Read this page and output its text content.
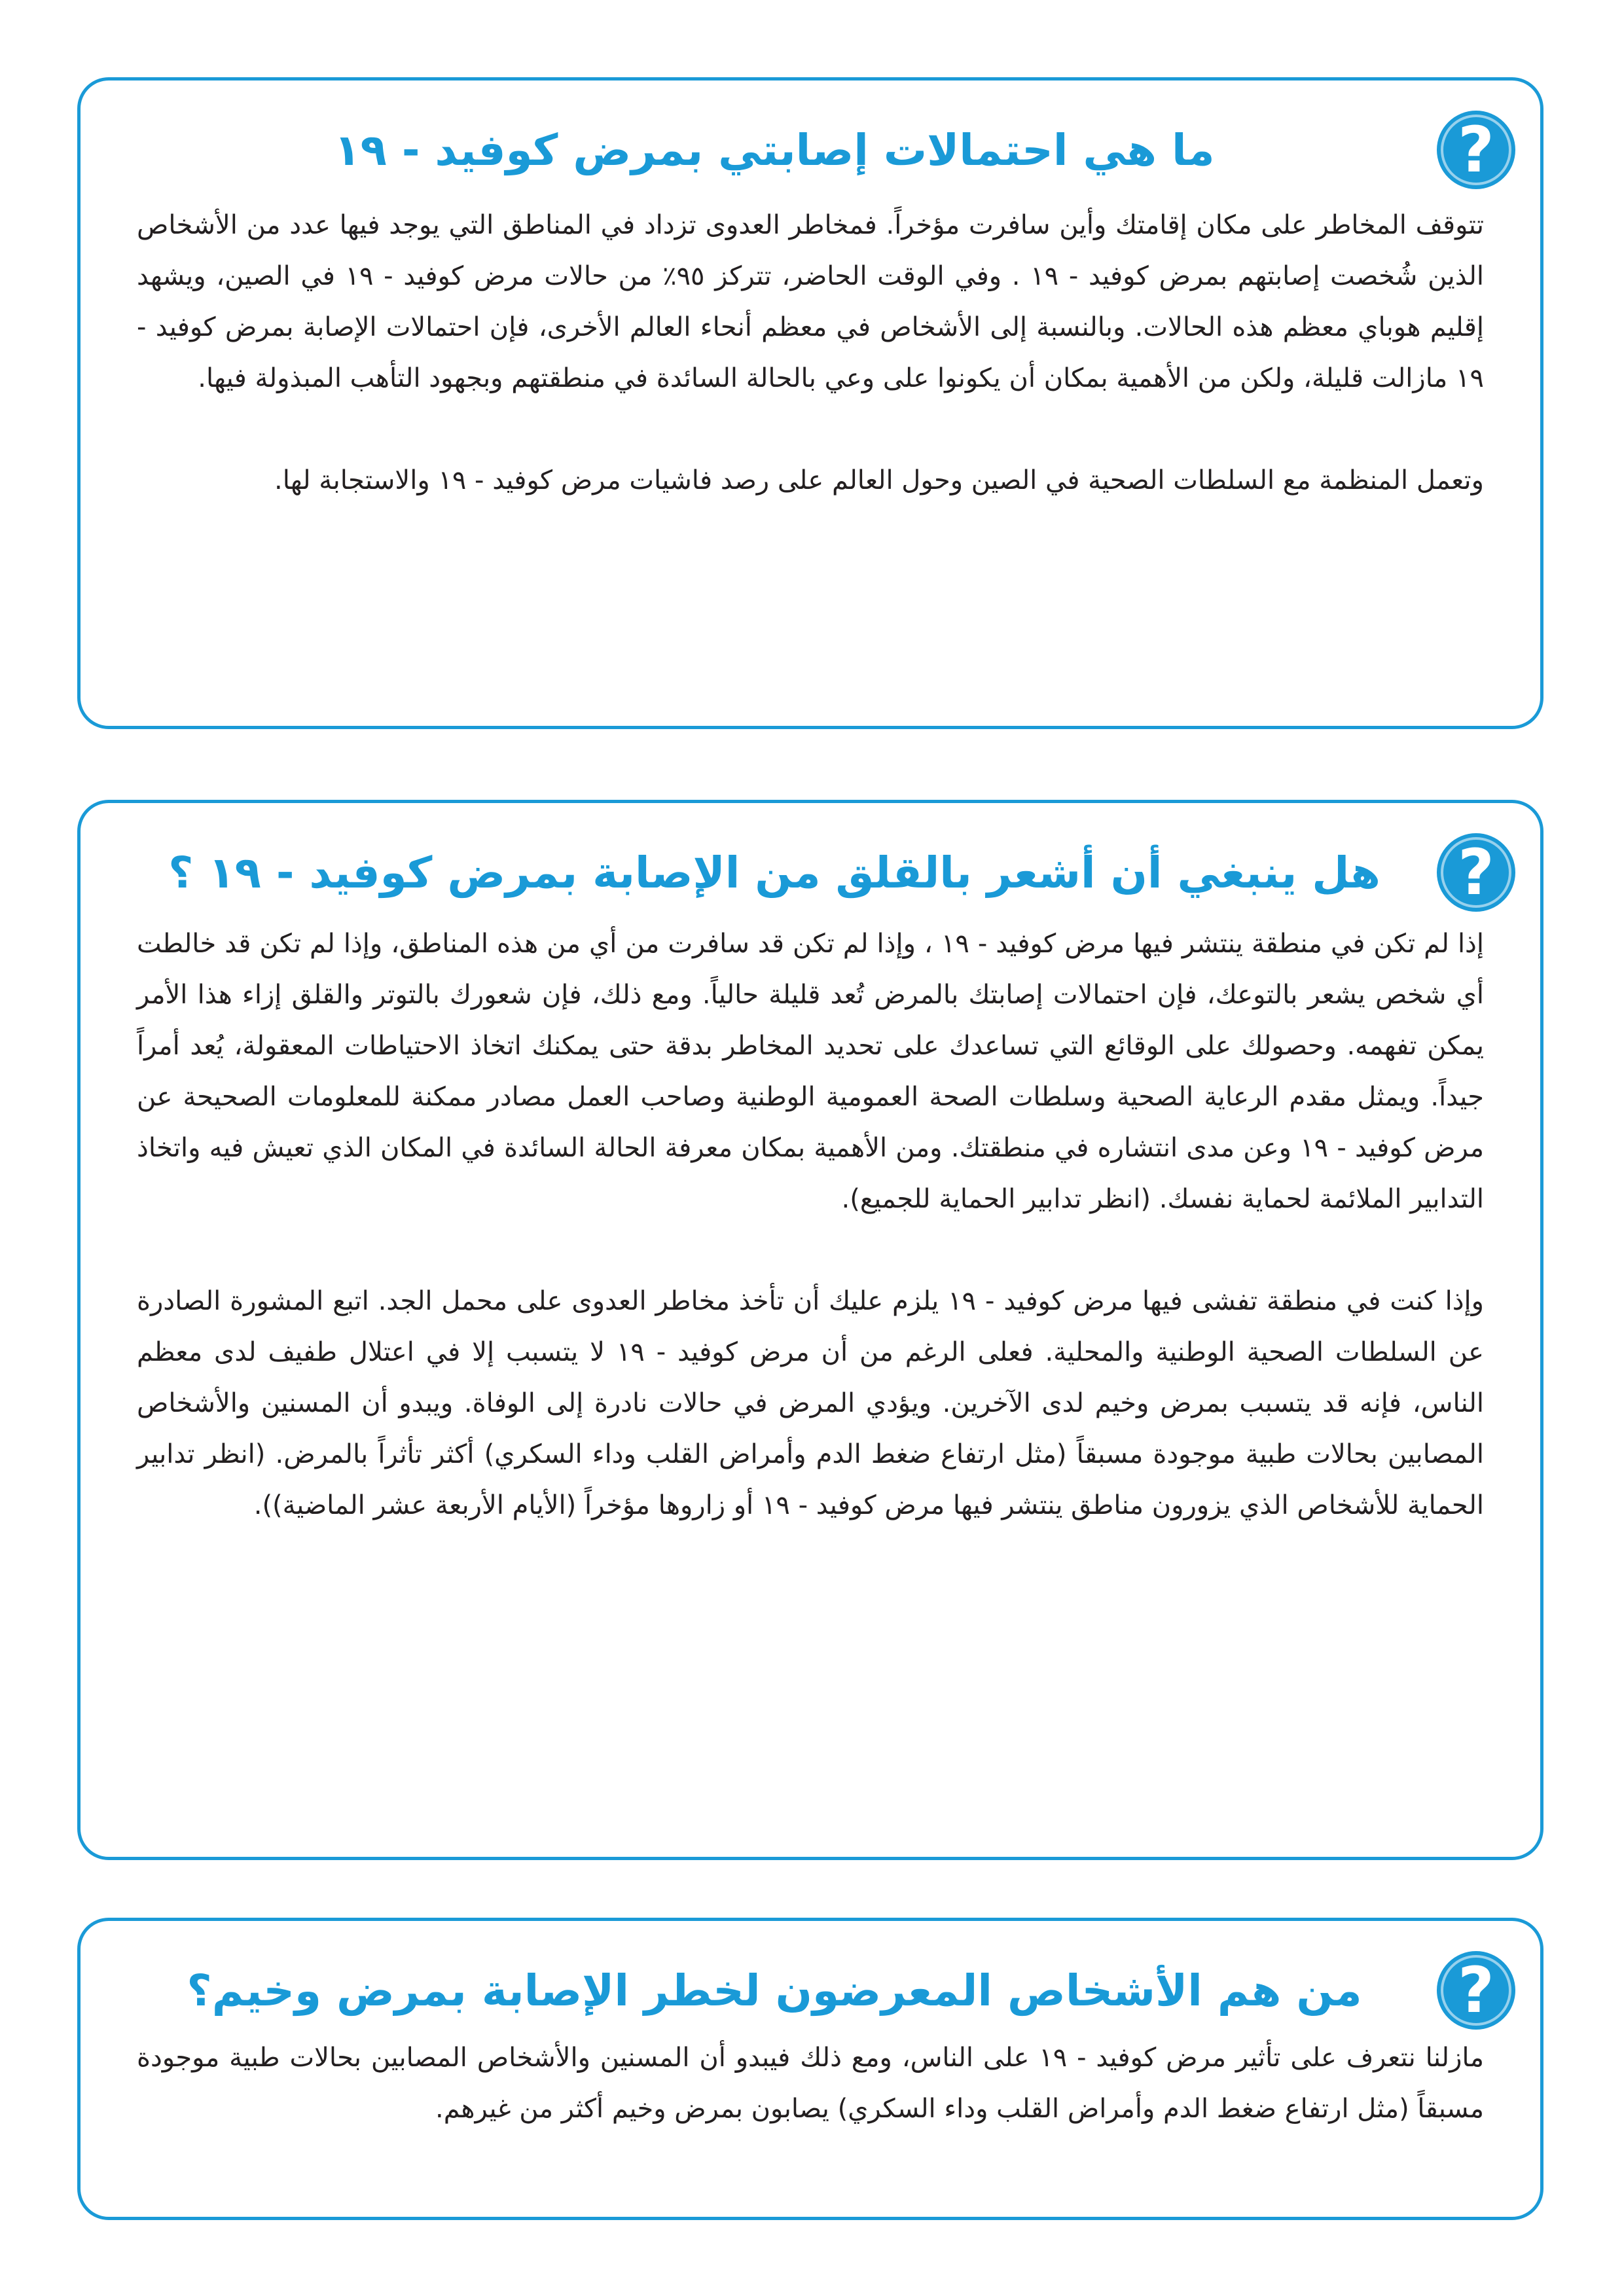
?
ما هي احتمالات إصابتي بمرض كوفيد - ١٩

تتوقف المخاطر على مكان إقامتك وأين سافرت مؤخراً. فمخاطر العدوى تزداد في المناطق التي يوجد فيها عدد من الأشخاص الذين شُخصت إصابتهم بمرض كوفيد - ١٩ . وفي الوقت الحاضر، تتركز ٩٥٪ من حالات مرض كوفيد - ١٩ في الصين، ويشهد إقليم هوباي معظم هذه الحالات. وبالنسبة إلى الأشخاص في معظم أنحاء العالم الأخرى، فإن احتمالات الإصابة بمرض كوفيد - ١٩ مازالت قليلة، ولكن من الأهمية بمكان أن يكونوا على وعي بالحالة السائدة في منطقتهم وبجهود التأهب المبذولة فيها.

وتعمل المنظمة مع السلطات الصحية في الصين وحول العالم على رصد فاشيات مرض كوفيد - ١٩ والاستجابة لها.

?
هل ينبغي أن أشعر بالقلق من الإصابة بمرض كوفيد - ١٩ ؟

إذا لم تكن في منطقة ينتشر فيها مرض كوفيد - ١٩ ، وإذا لم تكن قد سافرت من أي من هذه المناطق، وإذا لم تكن قد خالطت أي شخص يشعر بالتوعك، فإن احتمالات إصابتك بالمرض تُعد قليلة حالياً. ومع ذلك، فإن شعورك بالتوتر والقلق إزاء هذا الأمر يمكن تفهمه. وحصولك على الوقائع التي تساعدك على تحديد المخاطر بدقة حتى يمكنك اتخاذ الاحتياطات المعقولة، يُعد أمراً جيداً. ويمثل مقدم الرعاية الصحية وسلطات الصحة العمومية الوطنية وصاحب العمل مصادر ممكنة للمعلومات الصحيحة عن مرض كوفيد - ١٩ وعن مدى انتشاره في منطقتك. ومن الأهمية بمكان معرفة الحالة السائدة في المكان الذي تعيش فيه واتخاذ التدابير الملائمة لحماية نفسك. (انظر تدابير الحماية للجميع).

وإذا كنت في منطقة تفشى فيها مرض كوفيد - ١٩ يلزم عليك أن تأخذ مخاطر العدوى على محمل الجد. اتبع المشورة الصادرة عن السلطات الصحية الوطنية والمحلية. فعلى الرغم من أن مرض كوفيد - ١٩ لا يتسبب إلا في اعتلال طفيف لدى معظم الناس، فإنه قد يتسبب بمرض وخيم لدى الآخرين. ويؤدي المرض في حالات نادرة إلى الوفاة. ويبدو أن المسنين والأشخاص المصابين بحالات طبية موجودة مسبقاً (مثل ارتفاع ضغط الدم وأمراض القلب وداء السكري) أكثر تأثراً بالمرض. (انظر تدابير الحماية للأشخاص الذي يزورون مناطق ينتشر فيها مرض كوفيد - ١٩ أو زاروها مؤخراً (الأيام الأربعة عشر الماضية)).

?
من هم الأشخاص المعرضون لخطر الإصابة بمرض وخيم؟

مازلنا نتعرف على تأثير مرض كوفيد - ١٩ على الناس، ومع ذلك فيبدو أن المسنين والأشخاص المصابين بحالات طبية موجودة مسبقاً (مثل ارتفاع ضغط الدم وأمراض القلب وداء السكري) يصابون بمرض وخيم أكثر من غيرهم.
